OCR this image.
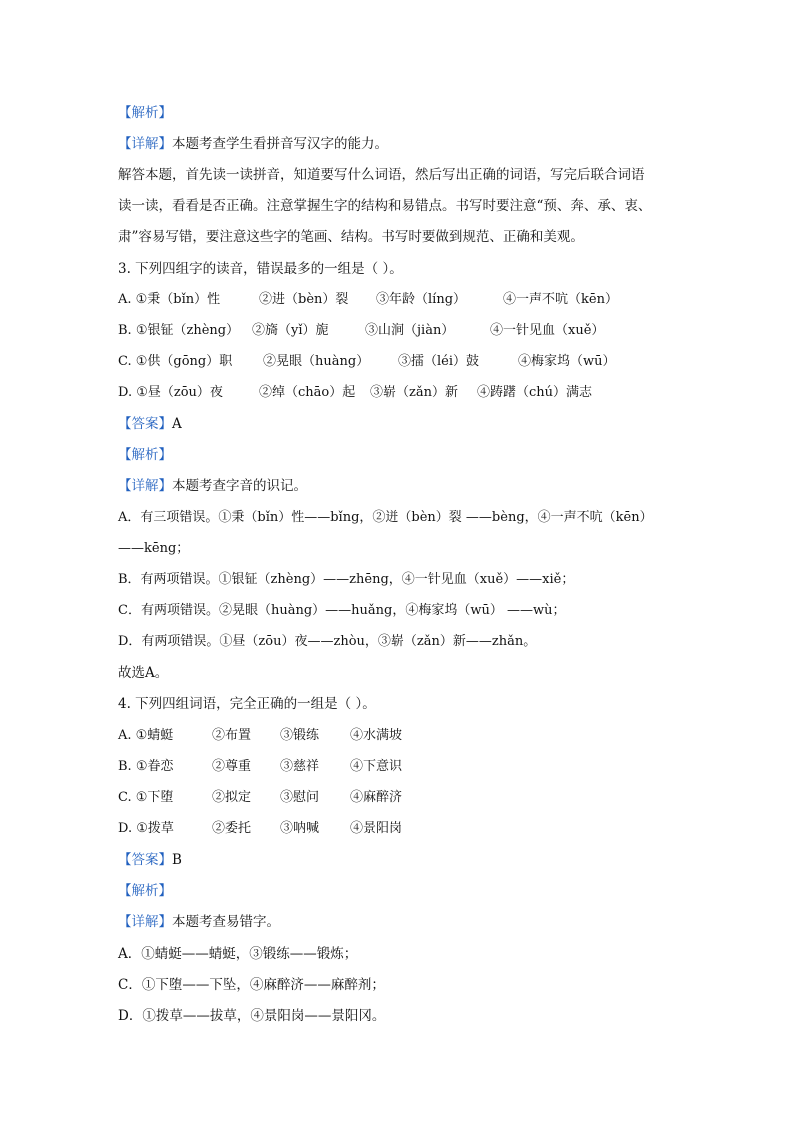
【解析】
【详解】本题考查学生看拼音写汉字的能力。
解答本题，首先读一读拼音，知道要写什么词语，然后写出正确的词语，写完后联合词语
读一读，看看是否正确。注意掌握生字的结构和易错点。书写时要注意“预、奔、承、衷、
肃”容易写错，要注意这些字的笔画、结构。书写时要做到规范、正确和美观。
3. 下列四组字的读音，错误最多的一组是（ ）。
A. ①秉（bǐn）性	②进（bèn）裂 ③年龄（líng）	④一声不吭（kēn）
B. ①银钲（zhèng） ②旖（yǐ）旎	③山涧（jiàn）	④一针见血（xuě）
C. ①供（gōng）职 ②晃眼（huàng） ③擂（léi）鼓	④梅家坞（wū）
D. ①昼（zōu）夜	②绰（chāo）起 ③崭（zǎn）新 ④踌躇（chú）满志
【答案】A
【解析】
【详解】本题考查字音的识记。
A．有三项错误。①秉（bǐn）性——bǐng，②迸（bèn）裂 ——bèng，④一声不吭（kēn）
——kēng；
B．有两项错误。①银钲（zhèng）——zhēng，④一针见血（xuě）——xiě；
C．有两项错误。②晃眼（huàng）——huǎng，④梅家坞（wū） ——wù；
D．有两项错误。①昼（zōu）夜——zhòu，③崭（zǎn）新——zhǎn。
故选A。
4. 下列四组词语，完全正确的一组是（ ）。
A. ①蜻蜓	②布置 ③锻练 ④水满坡
B. ①眷恋	②尊重 ③慈祥 ④下意识
C. ①下堕	②拟定 ③慰问 ④麻醉济
D. ①拨草	②委托 ③呐喊 ④景阳岗
【答案】B
【解析】
【详解】本题考查易错字。
A．①蜻蜓——蜻蜓，③锻练——锻炼；
C．①下堕——下坠，④麻醉济——麻醉剂；
D．①拨草——拔草，④景阳岗——景阳冈。
